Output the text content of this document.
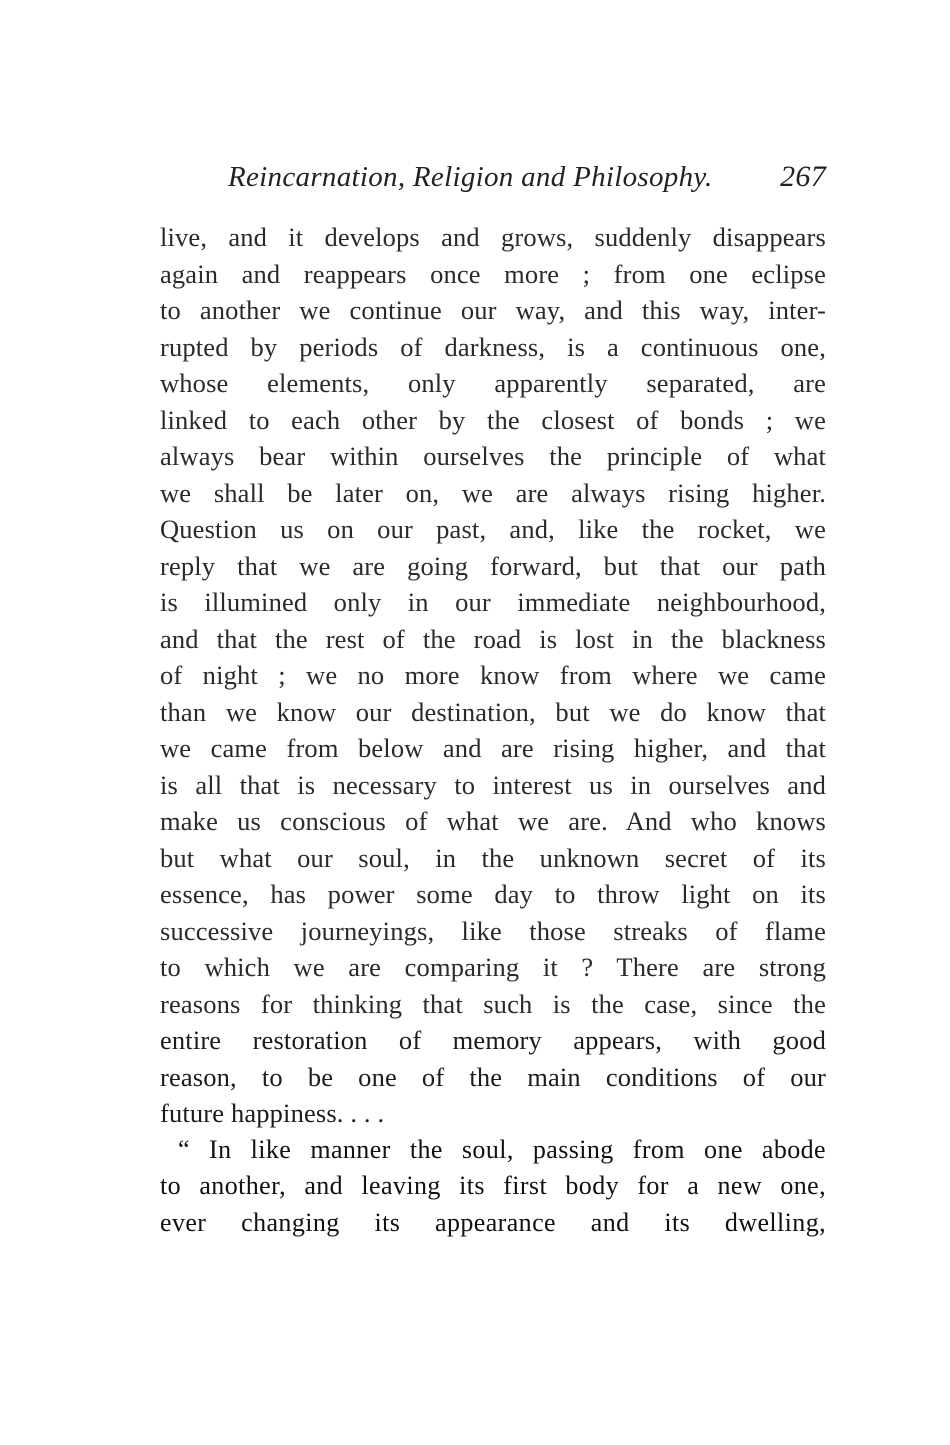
Reincarnation, Religion and Philosophy. 267
live, and it develops and grows, suddenly disappears
again and reappears once more ; from one eclipse
to another we continue our way, and this way, inter-
rupted by periods of darkness, is a continuous one,
whose elements, only apparently separated, are
linked to each other by the closest of bonds ; we
always bear within ourselves the principle of what
we shall be later on, we are always rising higher.
Question us on our past, and, like the rocket, we
reply that we are going forward, but that our path
is illumined only in our immediate neighbourhood,
and that the rest of the road is lost in the blackness
of night ; we no more know from where we came
than we know our destination, but we do know that
we came from below and are rising higher, and that
is all that is necessary to interest us in ourselves and
make us conscious of what we are. And who knows
but what our soul, in the unknown secret of its
essence, has power some day to throw light on its
successive journeyings, like those streaks of flame
to which we are comparing it ? There are strong
reasons for thinking that such is the case, since the
entire restoration of memory appears, with good
reason, to be one of the main conditions of our
future happiness. . . .
“ In like manner the soul, passing from one abode
to another, and leaving its first body for a new one,
ever changing its appearance and its dwelling,
